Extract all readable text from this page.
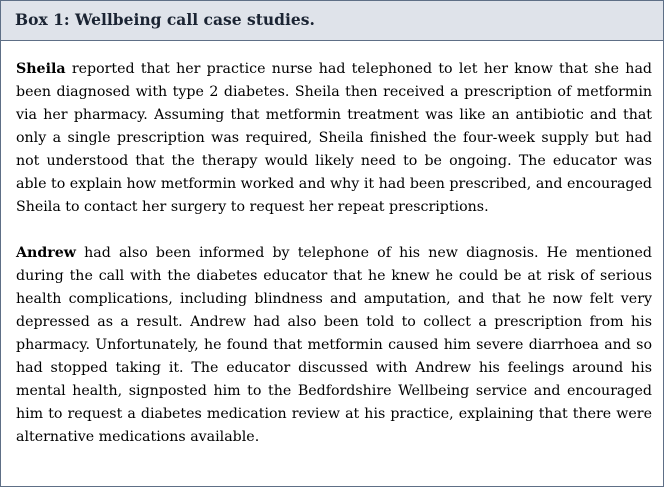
Box 1: Wellbeing call case studies.

Sheila reported that her practice nurse had telephoned to let her know that she had been diagnosed with type 2 diabetes. Sheila then received a prescription of metformin via her pharmacy. Assuming that metformin treatment was like an antibiotic and that only a single prescription was required, Sheila finished the four-week supply but had not understood that the therapy would likely need to be ongoing. The educator was able to explain how metformin worked and why it had been prescribed, and encouraged Sheila to contact her surgery to request her repeat prescriptions.

Andrew had also been informed by telephone of his new diagnosis. He mentioned during the call with the diabetes educator that he knew he could be at risk of serious health complications, including blindness and amputation, and that he now felt very depressed as a result. Andrew had also been told to collect a prescription from his pharmacy. Unfortunately, he found that metformin caused him severe diarrhoea and so had stopped taking it. The educator discussed with Andrew his feelings around his mental health, signposted him to the Bedfordshire Wellbeing service and encouraged him to request a diabetes medication review at his practice, explaining that there were alternative medications available.
